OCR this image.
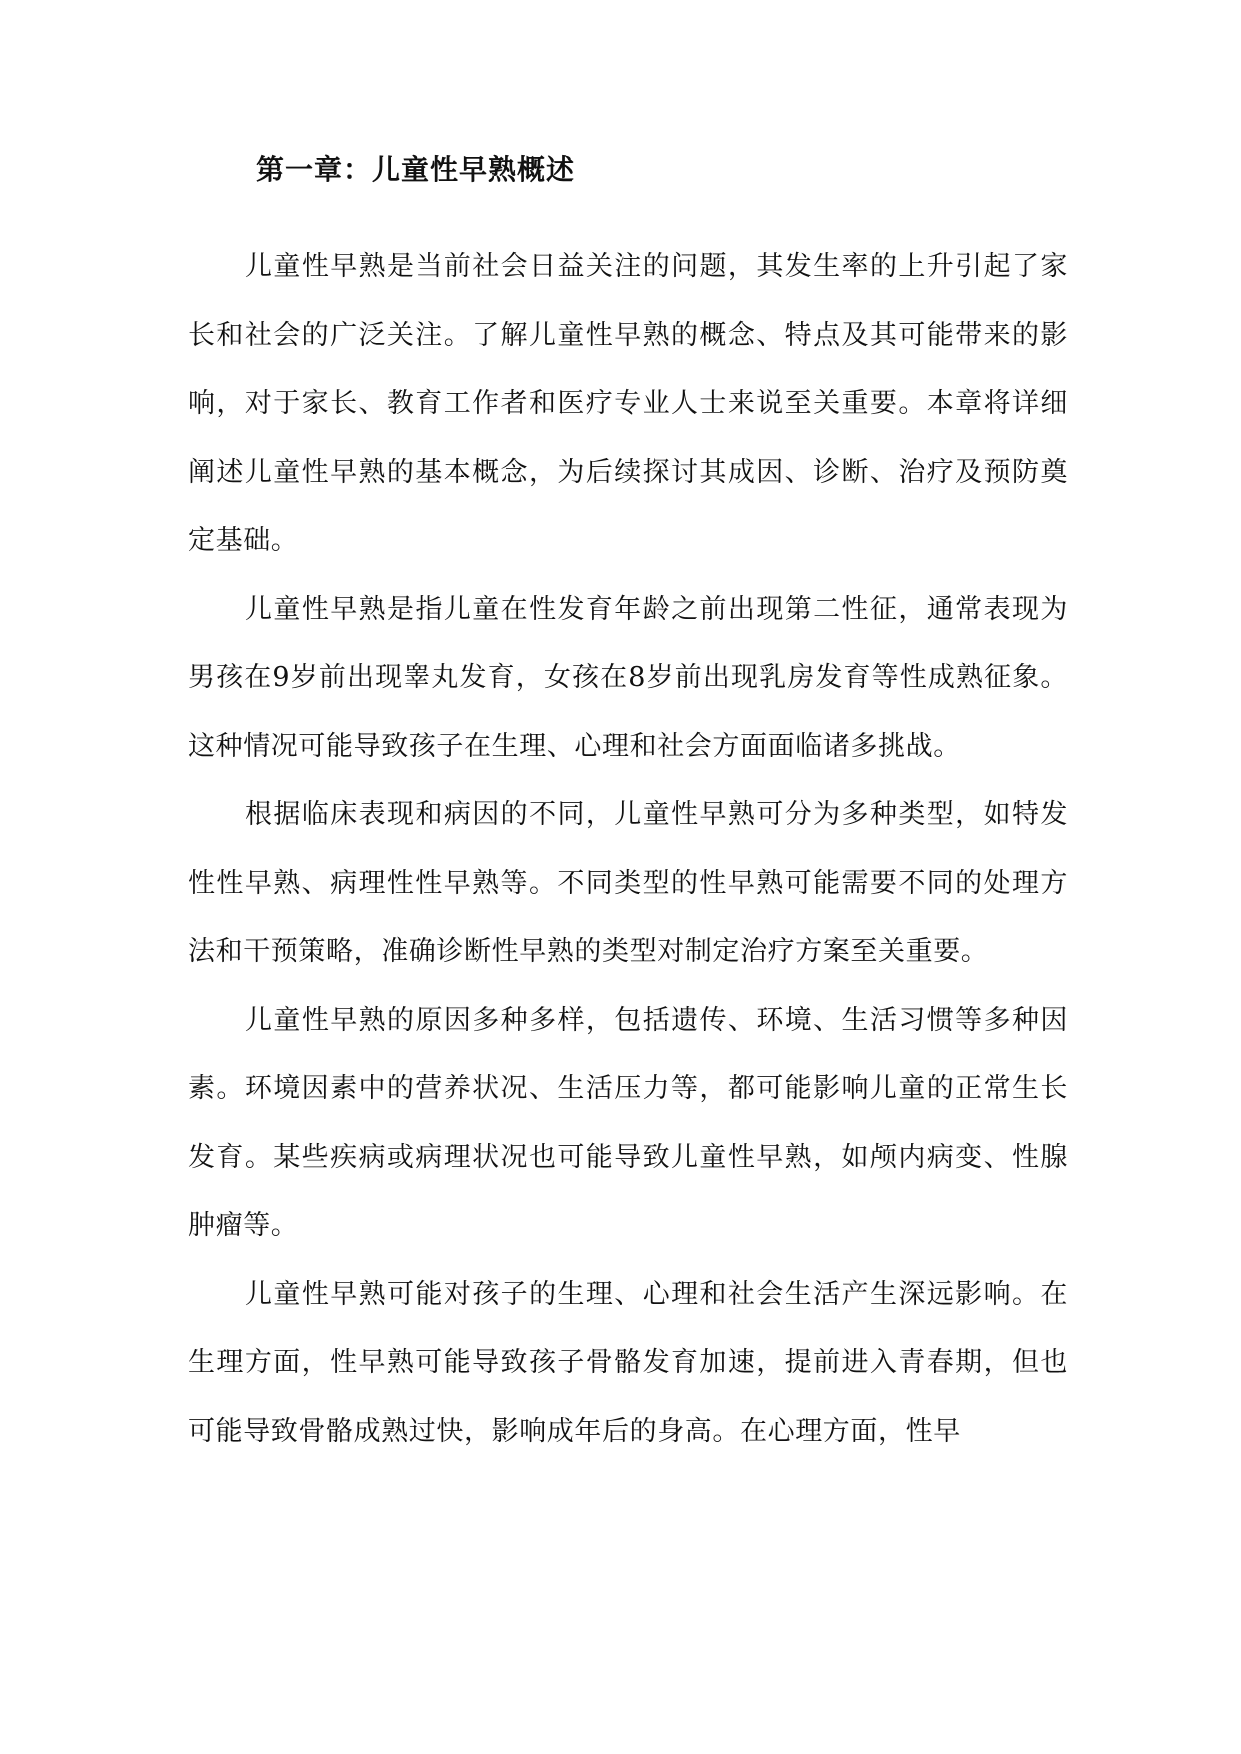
第一章：儿童性早熟概述

儿童性早熟是当前社会日益关注的问题，其发生率的上升引起了家长和社会的广泛关注。了解儿童性早熟的概念、特点及其可能带来的影响，对于家长、教育工作者和医疗专业人士来说至关重要。本章将详细阐述儿童性早熟的基本概念，为后续探讨其成因、诊断、治疗及预防奠定基础。

儿童性早熟是指儿童在性发育年龄之前出现第二性征，通常表现为男孩在9岁前出现睾丸发育，女孩在8岁前出现乳房发育等性成熟征象。这种情况可能导致孩子在生理、心理和社会方面面临诸多挑战。

根据临床表现和病因的不同，儿童性早熟可分为多种类型，如特发性性早熟、病理性性早熟等。不同类型的性早熟可能需要不同的处理方法和干预策略，准确诊断性早熟的类型对制定治疗方案至关重要。

儿童性早熟的原因多种多样，包括遗传、环境、生活习惯等多种因素。环境因素中的营养状况、生活压力等，都可能影响儿童的正常生长发育。某些疾病或病理状况也可能导致儿童性早熟，如颅内病变、性腺肿瘤等。

儿童性早熟可能对孩子的生理、心理和社会生活产生深远影响。在生理方面，性早熟可能导致孩子骨骼发育加速，提前进入青春期，但也可能导致骨骼成熟过快，影响成年后的身高。在心理方面，性早
